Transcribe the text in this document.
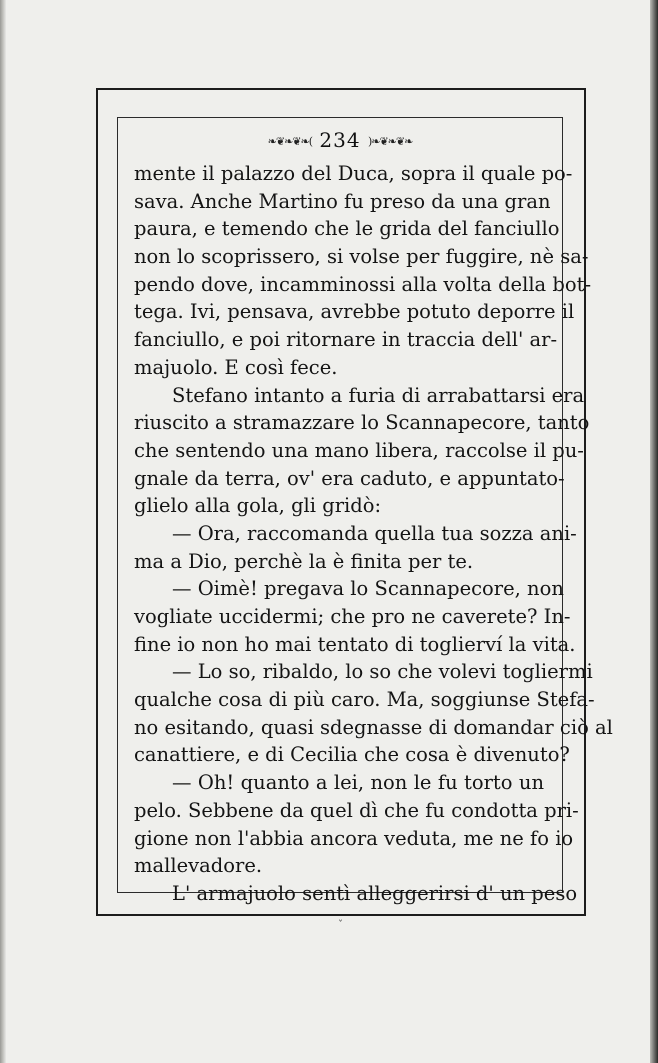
❧❦❧❦❧( 234 )❧❦❧❦❧
mente il palazzo del Duca, sopra il quale po-
sava. Anche Martino fu preso da una gran
paura, e temendo che le grida del fanciullo
non lo scoprissero, si volse per fuggire, nè sa-
pendo dove, incamminossi alla volta della bot-
tega. Ivi, pensava, avrebbe potuto deporre il
fanciullo, e poi ritornare in traccia dell' ar-
majuolo. E così fece.
Stefano intanto a furia di arrabattarsi era
riuscito a stramazzare lo Scannapecore, tanto
che sentendo una mano libera, raccolse il pu-
gnale da terra, ov' era caduto, e appuntato-
glielo alla gola, gli gridò:
— Ora, raccomanda quella tua sozza ani-
ma a Dio, perchè la è finita per te.
— Oimè! pregava lo Scannapecore, non
vogliate uccidermi; che pro ne caverete? In-
fine io non ho mai tentato di toglierví la vita.
— Lo so, ribaldo, lo so che volevi togliermi
qualche cosa di più caro. Ma, soggiunse Stefa-
no esitando, quasi sdegnasse di domandar ciò al
canattiere, e di Cecilia che cosa è divenuto?
— Oh! quanto a lei, non le fu torto un
pelo. Sebbene da quel dì che fu condotta pri-
gione non l'abbia ancora veduta, me ne fo io
mallevadore.
L' armajuolo sentì alleggerirsi d' un peso
ˇ
